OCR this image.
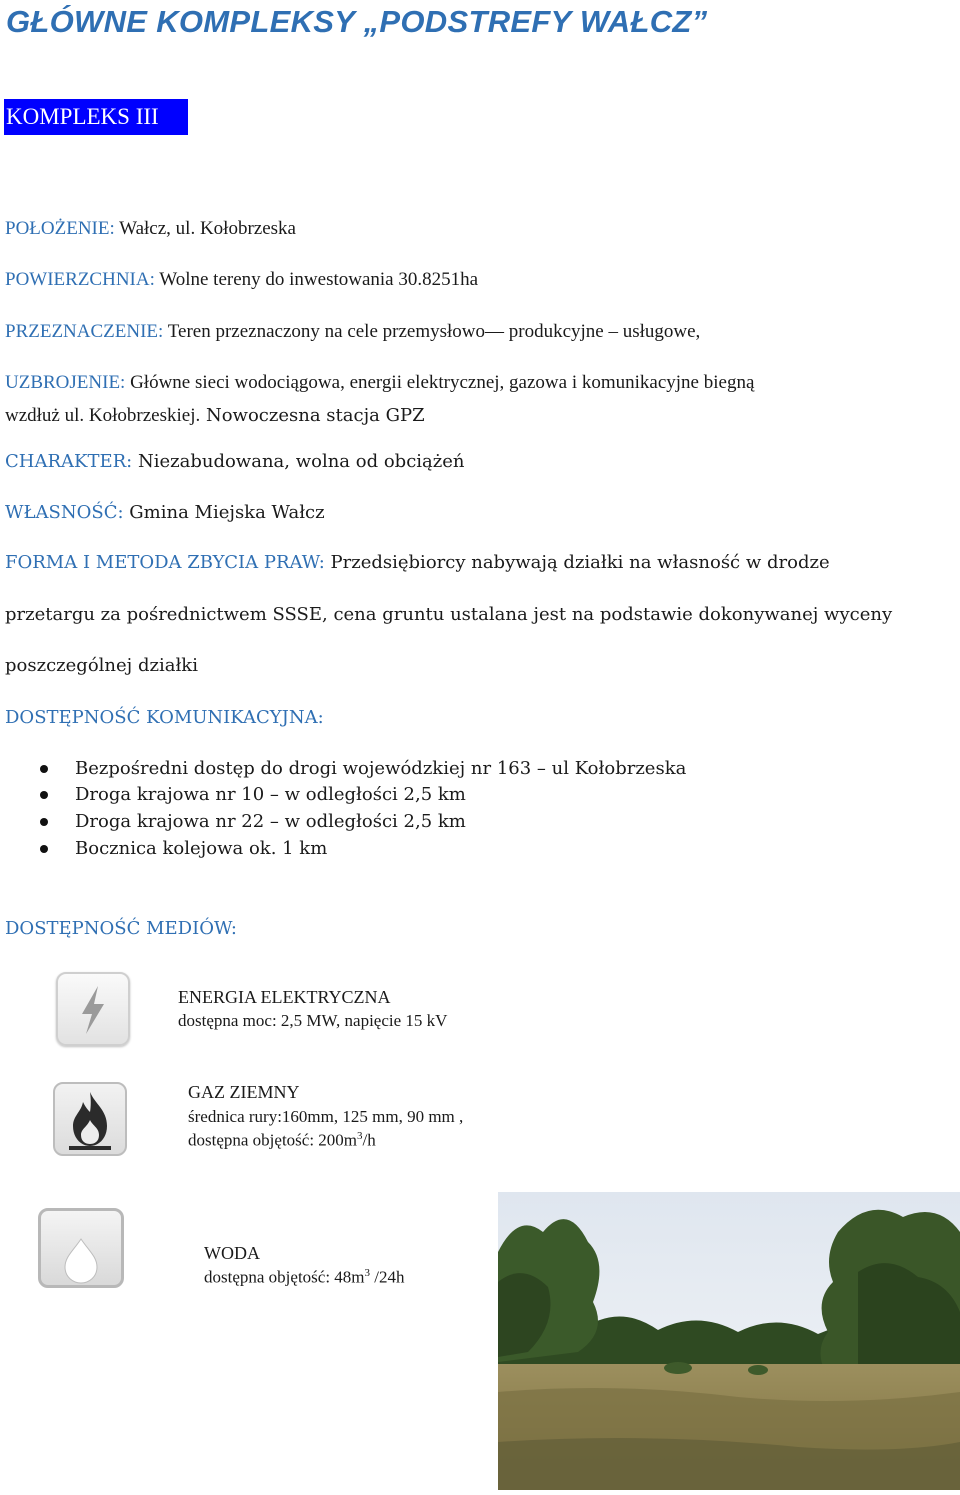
GŁÓWNE KOMPLEKSY „PODSTREFY WAŁCZ”
KOMPLEKS III
POŁOŻENIE: Wałcz, ul. Kołobrzeska
POWIERZCHNIA: Wolne tereny do inwestowania 30.8251ha
PRZEZNACZENIE: Teren przeznaczony na cele przemysłowo― produkcyjne – usługowe,
UZBROJENIE: Główne sieci wodociągowa, energii elektrycznej, gazowa i komunikacyjne biegną
wzdłuż ul. Kołobrzeskiej. Nowoczesna stacja GPZ
CHARAKTER: Niezabudowana, wolna od obciążeń
WŁASNOŚĆ: Gmina Miejska Wałcz
FORMA I METODA ZBYCIA PRAW: Przedsiębiorcy nabywają działki na własność w drodze
przetargu za pośrednictwem SSSE, cena gruntu ustalana jest na podstawie dokonywanej wyceny
poszczególnej działki
DOSTĘPNOŚĆ KOMUNIKACYJNA:
Bezpośredni dostęp do drogi wojewódzkiej nr 163 – ul Kołobrzeska
Droga krajowa nr 10 – w odległości 2,5 km
Droga krajowa nr 22 – w odległości 2,5 km
Bocznica kolejowa ok. 1 km
DOSTĘPNOŚĆ MEDIÓW:
ENERGIA ELEKTRYCZNA
dostępna moc: 2,5 MW, napięcie 15 kV
GAZ ZIEMNY
średnica rury:160mm, 125 mm, 90 mm ,
dostępna objętość: $200m^3/h$
WODA
dostępna objętość: $48m^3$ /24h
